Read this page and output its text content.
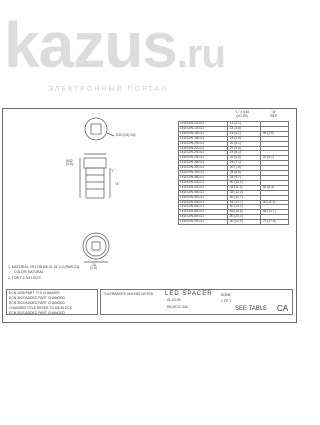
kazus.ru
ЭЛЕКТРОННЫЙ ПОРТАЛ
.032 (0.8) SQ.
"L"
5/32
(4.0)
"A"
.10
(2.5)
1. MATERIAL: NYLON 6/6 UL 94 V-2 (RMS-01).
COLOR: NATURAL
2. FOR T-1 3/4 LED'S.
"L" ±.010
(±0.25)
"A"
REF.
LEDS2W-120-01	.12 (3.1)	
LEDS2W-140-01	.14 (3.6)	
LEDS2W-160-01	.16 (4.1)	.08 (2.0)
LEDS2W-180-01	.18 (4.6)	
LEDS2W-200-01	.20 (5.1)	
LEDS2W-220-01	.22 (5.6)	
LEDS2W-240-01	.24 (6.1)	
LEDS2W-260-01	.26 (6.6)	.20 (5.1)
LEDS2W-280-01	.28 (7.1)	
LEDS2W-300-01	.30 (7.6)	
LEDS2W-340-01	.34 (8.6)	
LEDS2W-380-01	.38 (9.7)	
LEDS2W-400-01	.40 (10.2)	
LEDS2W-440-01	.44 (11.2)	.33 (8.4)
LEDS2W-480-01	.48 (12.2)	
LEDS2W-500-01	.50 (12.7)	
LEDS2W-540-01	.54 (13.7)	.40 (11.4)
LEDS2W-600-01	.60 (15.2)	
LEDS2W-650-01	.65 (16.5)	.58 (14.7)
LEDS2W-800-01	.80 (20.3)	
LEDS2W-900-01	.90 (22.9)	.70 (17.8)
ECN 1028 PART 77-0 CHANGED
ECN 3024 ADDED PART CHANGED
ECN 3024 ADDED PART CHANGED
CHANGED TITLE REFER TO 6/6 BLOCK
ECN 3024 ADDED PART CHANGED
TOLERANCES UNLESS NOTED LED SPACER
01-20-04
RICHCO, INC.
NONE
1 OF 1
SEE TABLE CA
